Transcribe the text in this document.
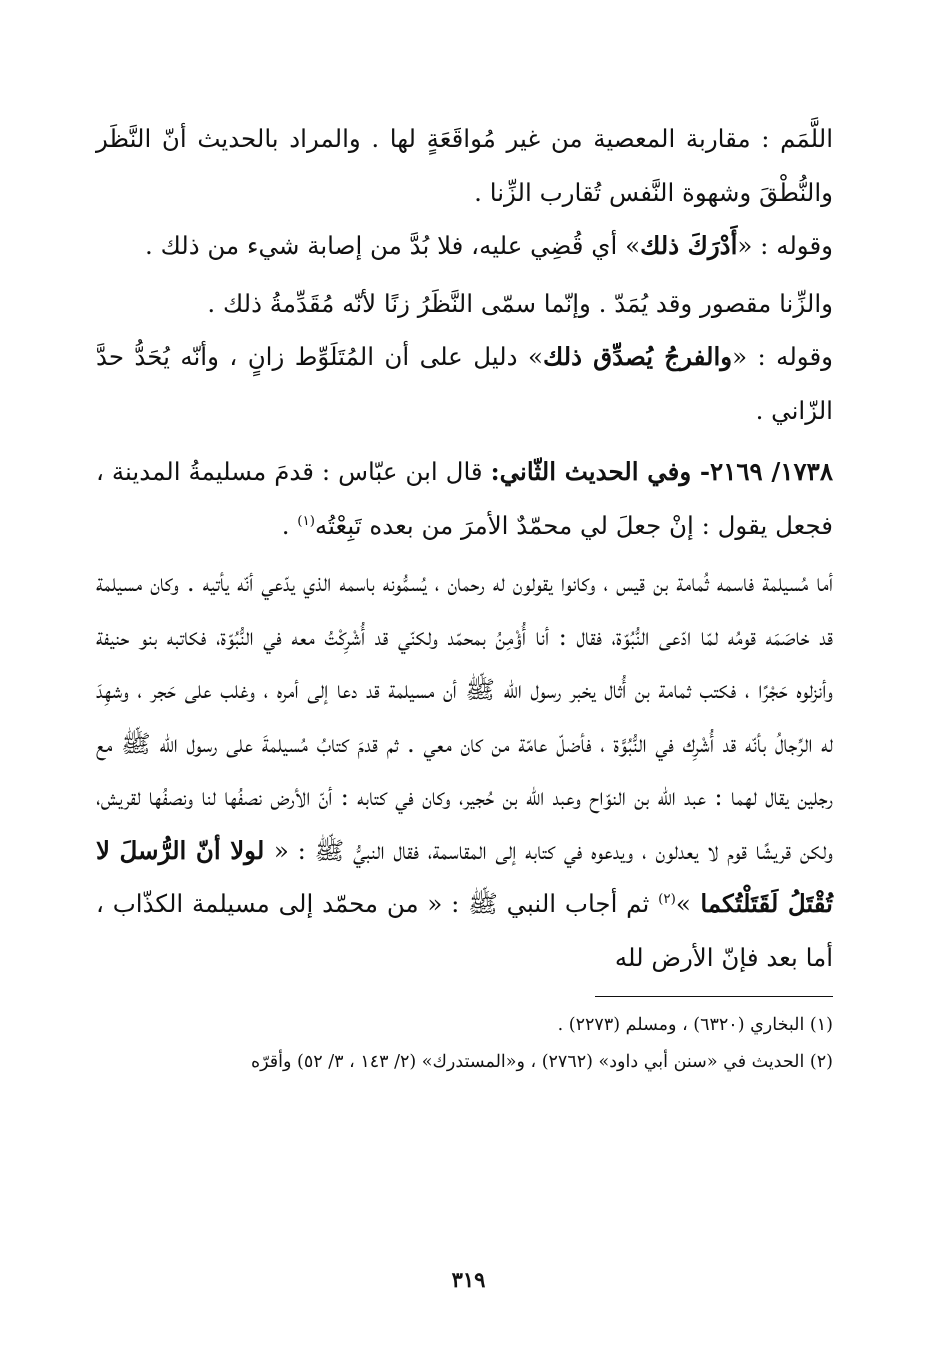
اللَّمَم : مقاربة المعصية من غير مُواقَعَةٍ لها . والمراد بالحديث أنّ النَّظَر والنُّطْقَ وشهوة النَّفس تُقارب الزِّنا .

وقوله : «أَدْرَكَ ذلك» أي قُضِي عليه، فلا بُدَّ من إصابة شيء من ذلك .

والزِّنا مقصور وقد يُمَدّ . وإنّما سمّى النَّظَرُ زنًا لأنّه مُقَدِّمةُ ذلك .

وقوله : «والفرجُ يُصدِّق ذلك» دليل على أن المُتَلَوِّط زانٍ ، وأنّه يُحَدُّ حدَّ الزّاني .

١٧٣٨/ ٢١٦٩- وفي الحديث الثّاني: قال ابن عبّاس : قدمَ مسليمةُ المدينة ، فجعل يقول : إنْ جعلَ لي محمّدٌ الأمرَ من بعده تَبِعْتُه$^{(١)}$ .

أما مُسيلمة فاسمه ثُمامة بن قيس ، وكانوا يقولون له رحمان ، يُسمُّونه باسمه الذي يدّعي أنّه يأتيه . وكان مسيلمة قد خاصَمَه قومُه لمّا ادّعى النُّبُوّة، فقال : أنا أُؤْمِنُ بمحمّد ولكنّي قد أُشْرِكْتُ معه في النُّبُوّة، فكاتبه بنو حنيفة وأنزلوه حَجْرًا ، فكتب ثمامة بن أُثال يخبر رسول الله ﷺ أن مسيلمة قد دعا إلى أمره ، وغلب على حَجر ، وشهِدَ له الرِّجالُ بأنّه قد أُشْرِك في النُّبُوَّة ، فأضلّ عامّة من كان معي . ثم قدمَ كتابُ مُسيلمةَ على رسول الله ﷺ مع رجلين يقال لهما : عبد الله بن النوّاح وعبد الله بن حُجير، وكان في كتابه : أنّ الأرض نصفُها لنا ونصفُها لقريش، ولكن قريشًا قوم لا يعدلون ، ويدعوه في كتابه إلى المقاسمة، فقال النبيُّ ﷺ : « لولا أنّ الرُّسلَ لا تُقْتَلُ لَقَتَلْتُكما »$^{(٢)}$ ثم أجاب النبي ﷺ : « من محمّد إلى مسيلمة الكذّاب ، أما بعد فإنّ الأرض لله

(١) البخاري (٦٣٢٠) ، ومسلم (٢٢٧٣) .

(٢) الحديث في «سنن أبي داود» (٢٧٦٢) ، و«المستدرك» (٢/ ١٤٣ ، ٣/ ٥٢) وأقرّه

٣١٩
